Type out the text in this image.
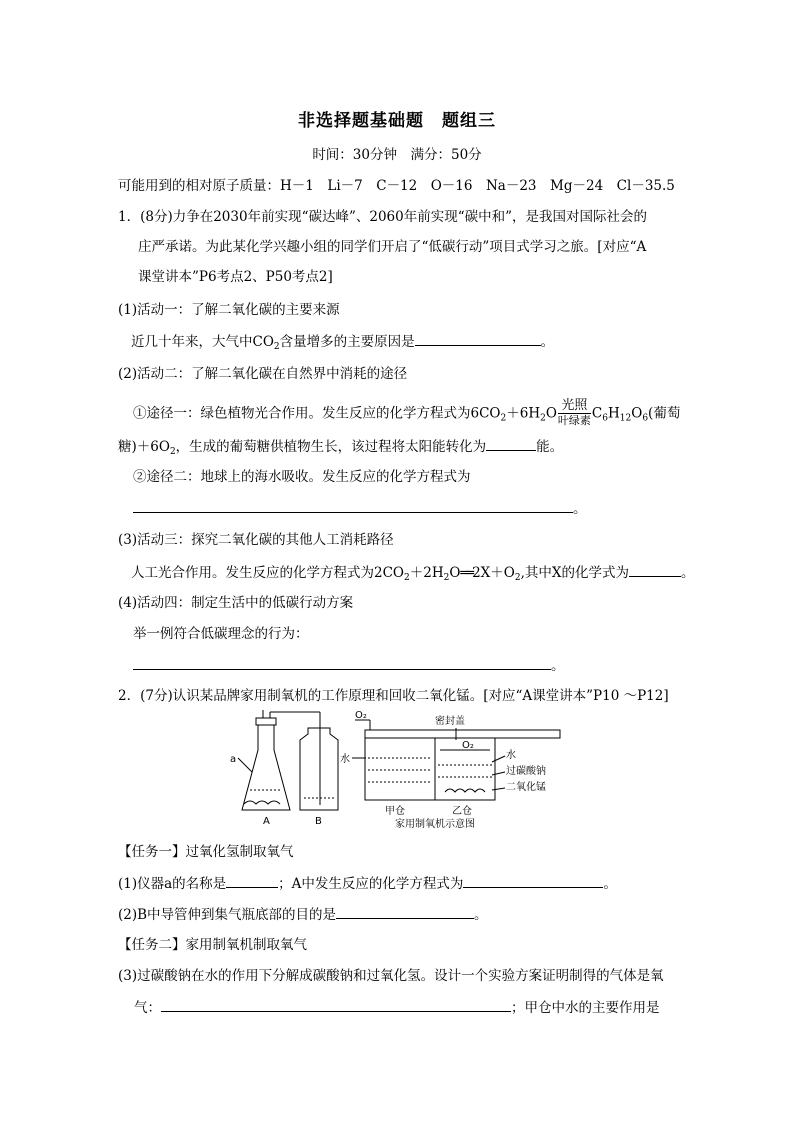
非选择题基础题　题组三
时间：30分钟　满分：50分
可能用到的相对原子质量：H－1　Li－7　C－12　O－16　Na－23　Mg－24　Cl－35.5
1．(8分)力争在2030年前实现“碳达峰”、2060年前实现“碳中和”，是我国对国际社会的
庄严承诺。为此某化学兴趣小组的同学们开启了“低碳行动”项目式学习之旅。[对应“A
课堂讲本”P6考点2、P50考点2]
(1)活动一：了解二氧化碳的主要来源
近几十年来，大气中$CO_2$含量增多的主要原因是	。
(2)活动二：了解二氧化碳在自然界中消耗的途径
①途径一：绿色植物光合作用。发生反应的化学方程式为$6CO_2+6H_2O \frac{\text{光照}}{\text{叶绿素}} C_6H_{12}O_6$(葡萄
糖)$+6O_2$，生成的葡萄糖供植物生长，该过程将太阳能转化为	能。
②途径二：地球上的海水吸收。发生反应的化学方程式为
。
(3)活动三：探究二氧化碳的其他人工消耗路径
人工光合作用。发生反应的化学方程式为$2CO_2+2H_2O══2X+O_2$,其中X的化学式为	。
(4)活动四：制定生活中的低碳行动方案
举一例符合低碳理念的行为：
。
2．(7分)认识某品牌家用制氧机的工作原理和回收二氧化锰。[对应“A课堂讲本”P10 ～P12]
a
A	B
O₂
密封盖
O₂
水	水
过碳酸钠
二氧化锰
甲仓	乙仓
家用制氧机示意图
【任务一】过氧化氢制取氧气
(1)仪器a的名称是	；A中发生反应的化学方程式为	。
(2)B中导管伸到集气瓶底部的目的是	。
【任务二】家用制氧机制取氧气
(3)过碳酸钠在水的作用下分解成碳酸钠和过氧化氢。设计一个实验方案证明制得的气体是氧
气：	；甲仓中水的主要作用是
